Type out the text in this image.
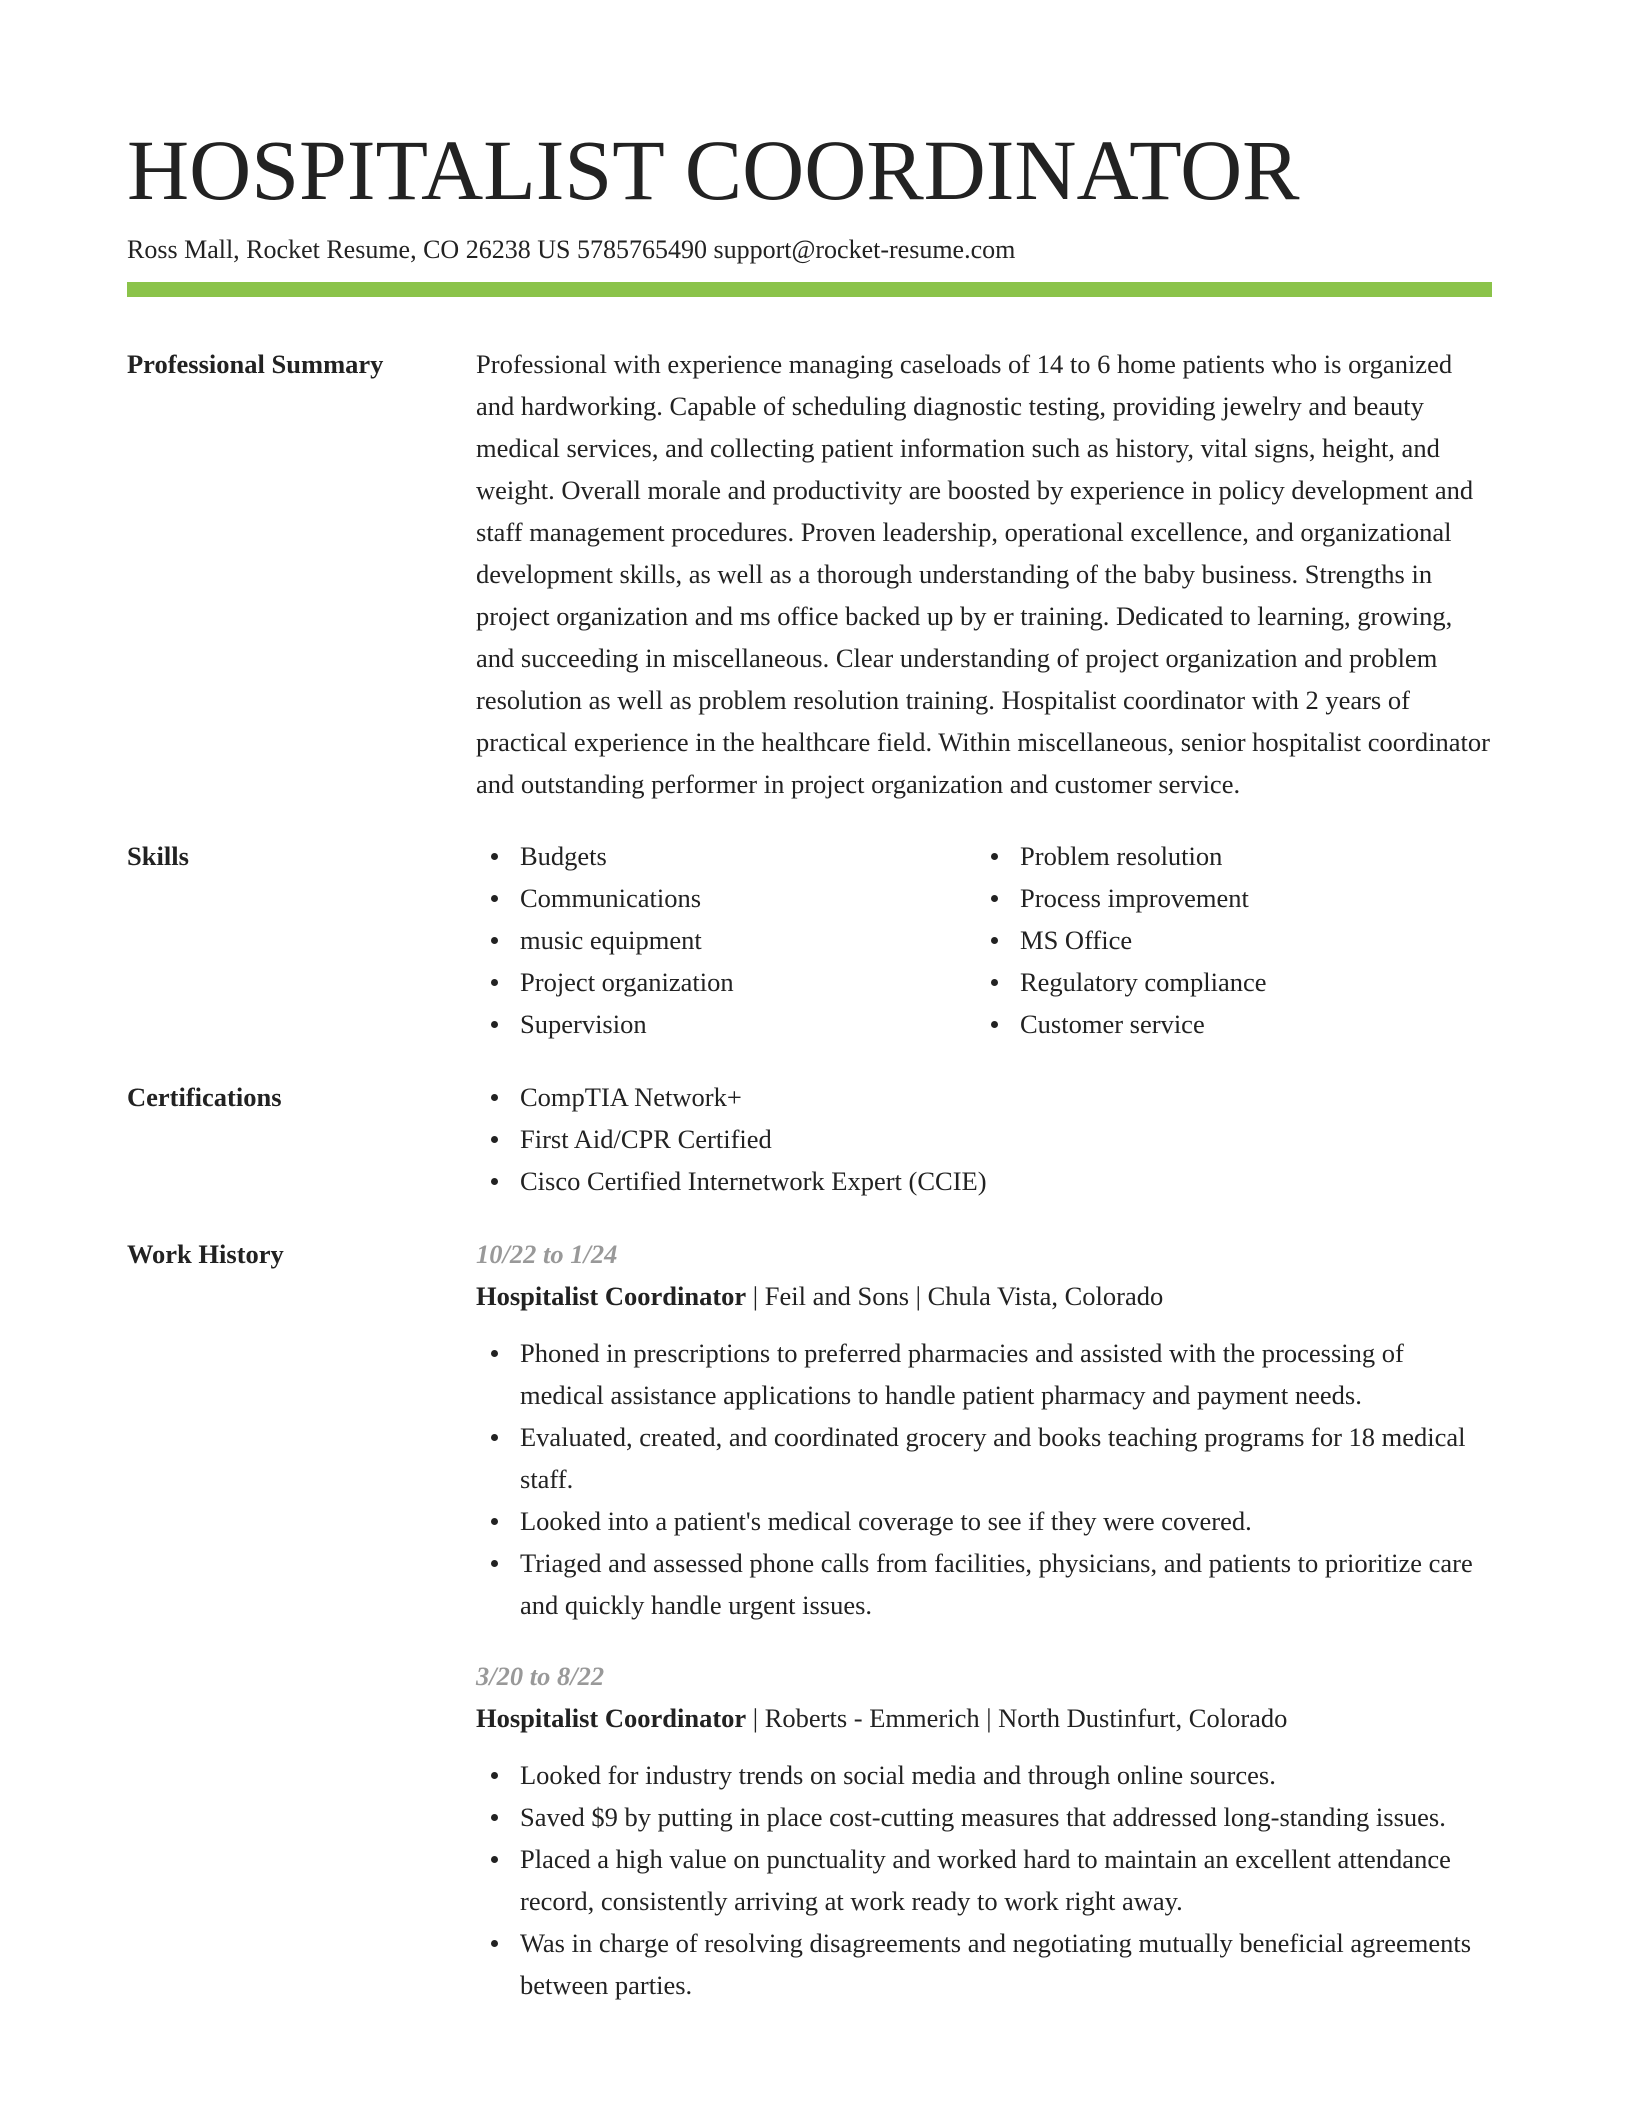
HOSPITALIST COORDINATOR
Ross Mall, Rocket Resume, CO 26238 US 5785765490 support@rocket-resume.com
Professional Summary	Professional with experience managing caseloads of 14 to 6 home patients who is organized and hardworking. Capable of scheduling diagnostic testing, providing jewelry and beauty medical services, and collecting patient information such as history, vital signs, height, and weight. Overall morale and productivity are boosted by experience in policy development and staff management procedures. Proven leadership, operational excellence, and organizational development skills, as well as a thorough understanding of the baby business. Strengths in project organization and ms office backed up by er training. Dedicated to learning, growing, and succeeding in miscellaneous. Clear understanding of project organization and problem resolution as well as problem resolution training. Hospitalist coordinator with 2 years of practical experience in the healthcare field. Within miscellaneous, senior hospitalist coordinator and outstanding performer in project organization and customer service.
Skills	Budgets
Communications
music equipment
Project organization
Supervision
Problem resolution
Process improvement
MS Office
Regulatory compliance
Customer service
Certifications	CompTIA Network+
First Aid/CPR Certified
Cisco Certified Internetwork Expert (CCIE)
Work History	10/22 to 1/24
Hospitalist Coordinator | Feil and Sons | Chula Vista, Colorado
Phoned in prescriptions to preferred pharmacies and assisted with the processing of medical assistance applications to handle patient pharmacy and payment needs.
Evaluated, created, and coordinated grocery and books teaching programs for 18 medical staff.
Looked into a patient's medical coverage to see if they were covered.
Triaged and assessed phone calls from facilities, physicians, and patients to prioritize care and quickly handle urgent issues.
3/20 to 8/22
Hospitalist Coordinator | Roberts - Emmerich | North Dustinfurt, Colorado
Looked for industry trends on social media and through online sources.
Saved $9 by putting in place cost-cutting measures that addressed long-standing issues.
Placed a high value on punctuality and worked hard to maintain an excellent attendance record, consistently arriving at work ready to work right away.
Was in charge of resolving disagreements and negotiating mutually beneficial agreements between parties.
